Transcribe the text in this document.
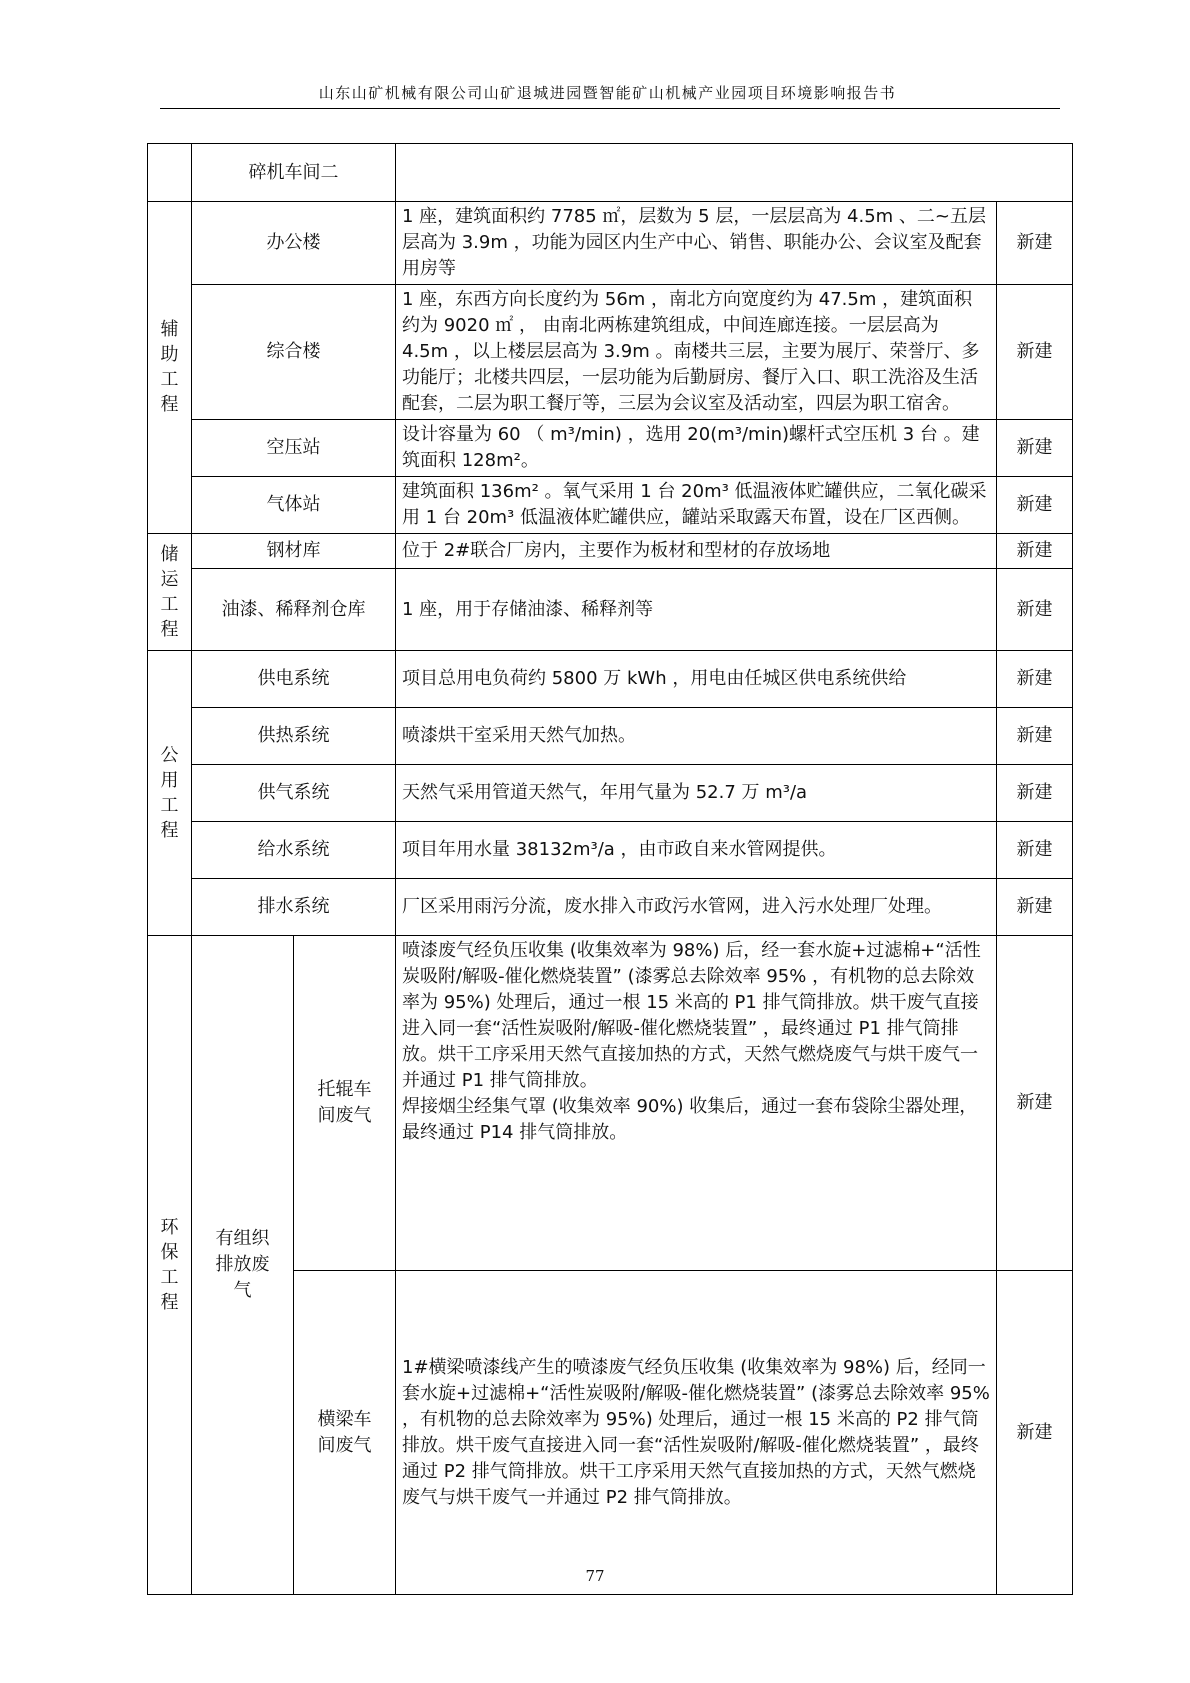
山东山矿机械有限公司山矿退城进园暨智能矿山机械产业园项目环境影响报告书
	碎机车间二		
辅助工程	办公楼		1 座，建筑面积约 7785 ㎡，层数为 5 层，一层层高为 4.5m 、二~五层层高为 3.9m ，功能为园区内生产中心、销售、职能办公、会议室及配套用房等	新建
	综合楼		1 座，东西方向长度约为 56m ，南北方向宽度约为 47.5m ，建筑面积约为 9020 ㎡ ， 由南北两栋建筑组成，中间连廊连接。一层层高为 4.5m ，以上楼层层高为 3.9m 。南楼共三层，主要为展厅、荣誉厅、多功能厅；北楼共四层，一层功能为后勤厨房、餐厅入口、职工洗浴及生活配套，二层为职工餐厅等，三层为会议室及活动室，四层为职工宿舍。	新建
	空压站		设计容量为 60 （ m³/min) ，选用 20(m³/min)螺杆式空压机 3 台 。建筑面积 128m²。	新建
	气体站		建筑面积 136m² 。氧气采用 1 台 20m³ 低温液体贮罐供应，二氧化碳采用 1 台 20m³ 低温液体贮罐供应，罐站采取露天布置，设在厂区西侧。	新建
储运工程	钢材库		位于 2#联合厂房内，主要作为板材和型材的存放场地	新建
	油漆、稀释剂仓库		1 座，用于存储油漆、稀释剂等	新建
公用工程	供电系统		项目总用电负荷约 5800 万 kWh ，用电由任城区供电系统供给	新建
	供热系统		喷漆烘干室采用天然气加热。	新建
	供气系统		天然气采用管道天然气，年用气量为 52.7 万 m³/a	新建
	给水系统		项目年用水量 38132m³/a ，由市政自来水管网提供。	新建
	排水系统		厂区采用雨污分流，废水排入市政污水管网，进入污水处理厂处理。	新建
环保工程	有组织排放废气	托辊车间废气	喷漆废气经负压收集 (收集效率为 98%) 后，经一套水旋+过滤棉+“活性炭吸附/解吸-催化燃烧装置” (漆雾总去除效率 95% ，有机物的总去除效率为 95%) 处理后，通过一根 15 米高的 P1 排气筒排放。烘干废气直接进入同一套“活性炭吸附/解吸-催化燃烧装置” ，最终通过 P1 排气筒排放。烘干工序采用天然气直接加热的方式，天然气燃烧废气与烘干废气一并通过 P1 排气筒排放。
焊接烟尘经集气罩 (收集效率 90%) 收集后，通过一套布袋除尘器处理，最终通过 P14 排气筒排放。	新建
		横梁车间废气	1#横梁喷漆线产生的喷漆废气经负压收集 (收集效率为 98%) 后，经同一套水旋+过滤棉+“活性炭吸附/解吸-催化燃烧装置” (漆雾总去除效率 95% ，有机物的总去除效率为 95%) 处理后，通过一根 15 米高的 P2 排气筒排放。烘干废气直接进入同一套“活性炭吸附/解吸-催化燃烧装置” ，最终通过 P2 排气筒排放。烘干工序采用天然气直接加热的方式，天然气燃烧废气与烘干废气一并通过 P2 排气筒排放。	新建
77
